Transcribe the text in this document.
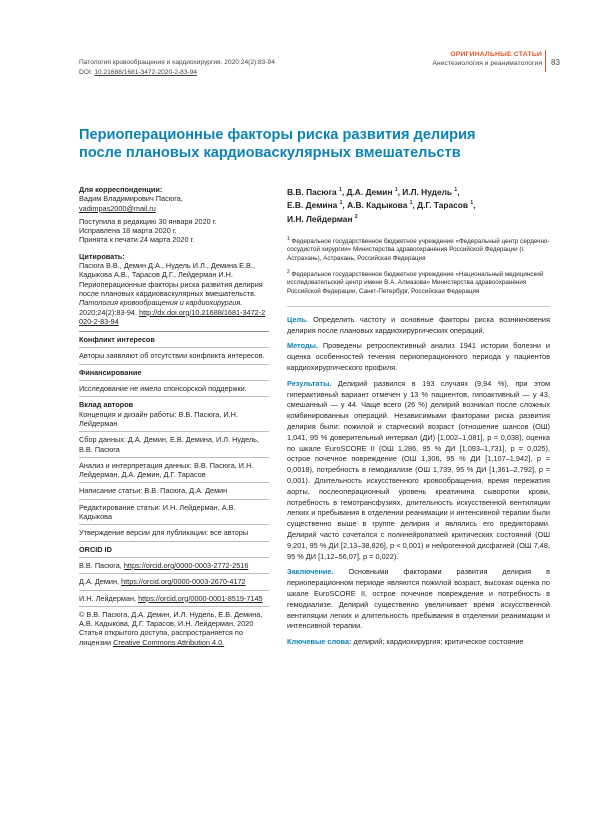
Патология кровообращения и кардиохирургия. 2020;24(2):83-94
DOI: 10.21688/1681-3472-2020-2-83-94
ОРИГИНАЛЬНЫЕ СТАТЬИ
Анестезиология и реаниматология 83
Периоперационные факторы риска развития делирия
после плановых кардиоваскулярных вмешательств
Для корреспонденции:
Вадим Владимирович Пасюга,
vadimpas2000@mail.ru
Поступила в редакцию 30 января 2020 г.
Исправлена 18 марта 2020 г.
Принята к печати 24 марта 2020 г.
Цитировать:
Пасюга В.В., Демин Д.А., Нудель И.Л., Демина Е.В., Кадыкова А.В., Тарасов Д.Г., Лейдерман И.Н. Периоперационные факторы риска развития делирия после плановых кардиоваскулярных вмешательств. Патология кровообращения и кардиохирургия. 2020;24(2):83-94. http://dx.doi.org/10.21688/1681-3472-2020-2-83-94
Конфликт интересов
Авторы заявляют об отсутствии конфликта интересов.
Финансирование
Исследование не имело спонсорской поддержки.
Вклад авторов
Концепция и дизайн работы: В.В. Пасюга, И.Н. Лейдерман
Сбор данных: Д.А. Демин, Е.В. Демина, И.Л. Нудель, В.В. Пасюга
Анализ и интерпретация данных: В.В. Пасюга, И.Н. Лейдерман, Д.А. Демин, Д.Г. Тарасов
Написание статьи: В.В. Пасюга, Д.А. Демин
Редактирование статьи: И.Н. Лейдерман, А.В. Кадыкова
Утверждение версии для публикации: все авторы
ORCID ID
В.В. Пасюга, https://orcid.org/0000-0003-2772-2516
Д.А. Демин, https://orcid.org/0000-0003-2670-4172
И.Н. Лейдерман, https://orcid.org/0000-0001-8519-7145
© В.В. Пасюга, Д.А. Демин, И.Л. Нудель, Е.В. Демина, А.В. Кадыкова, Д.Г. Тарасов, И.Н. Лейдерман, 2020
Статья открытого доступа, распространяется по лицензии Creative Commons Attribution 4.0.
В.В. Пасюга $^1$, Д.А. Демин $^1$, И.Л. Нудель $^1$,
Е.В. Демина $^1$, А.В. Кадыкова $^1$, Д.Г. Тарасов $^1$,
И.Н. Лейдерман $^2$
$^1$ Федеральное государственное бюджетное учреждение «Федеральный центр сердечно-сосудистой хирургии» Министерства здравоохранения Российской Федерации (г. Астрахань), Астрахань, Российская Федерация
$^2$ Федеральное государственное бюджетное учреждение «Национальный медицинский исследовательский центр имени В.А. Алмазова» Министерства здравоохранения Российской Федерации, Санкт-Петербург, Российская Федерация
Цель. Определить частоту и основные факторы риска возникновения делирия после плановых кардиохирургических операций.
Методы. Проведены ретроспективный анализ 1941 истории болезни и оценка особенностей течения периоперационного периода у пациентов кардиохирургического профиля.
Результаты. Делирий развился в 193 случаях (9,94 %), при этом гиперактивный вариант отмечен у 13 % пациентов, гипоактивный — у 43, смешанный — у 44. Чаще всего (26 %) делирий возникал после сложных комбинированных операций. Независимыми факторами риска развития делирия были: пожилой и старческий возраст (отношение шансов (ОШ) 1,041, 95 % доверительный интервал (ДИ) [1,002–1,081], p = 0,038), оценка по шкале EuroSCORE II (ОШ 1,286, 95 % ДИ [1,093–1,731], p = 0,025), острое почечное повреждение (ОШ 1,306, 95 % ДИ [1,107–1,942], p = 0,0018), потребность в гемодиализе (ОШ 1,739, 95 % ДИ [1,361–2,792], p = 0,001). Длительность искусственного кровообращения, время пережатия аорты, послеоперационный уровень креатинина сыворотки крови, потребность в гемотрансфузиях, длительность искусственной вентиляции легких и пребывания в отделении реанимации и интенсивной терапии были существенно выше в группе делирия и являлись его предикторами. Делирий часто сочетался с полинейропатией критических состояний (ОШ 9,201, 95 % ДИ [2,13–38,826], p < 0,001) и нейрогенной дисфагией (ОШ 7,48, 95 % ДИ [1,12–56,07], p = 0,022).
Заключение. Основными факторами развития делирия в периоперационном периоде являются пожилой возраст, высокая оценка по шкале EuroSCORE II, острое почечное повреждение и потребность в гемодиализе. Делирий существенно увеличивает время искусственной вентиляции легких и длительность пребывания в отделении реанимации и интенсивной терапии.
Ключевые слова: делирий; кардиохирургия; критическое состояние
